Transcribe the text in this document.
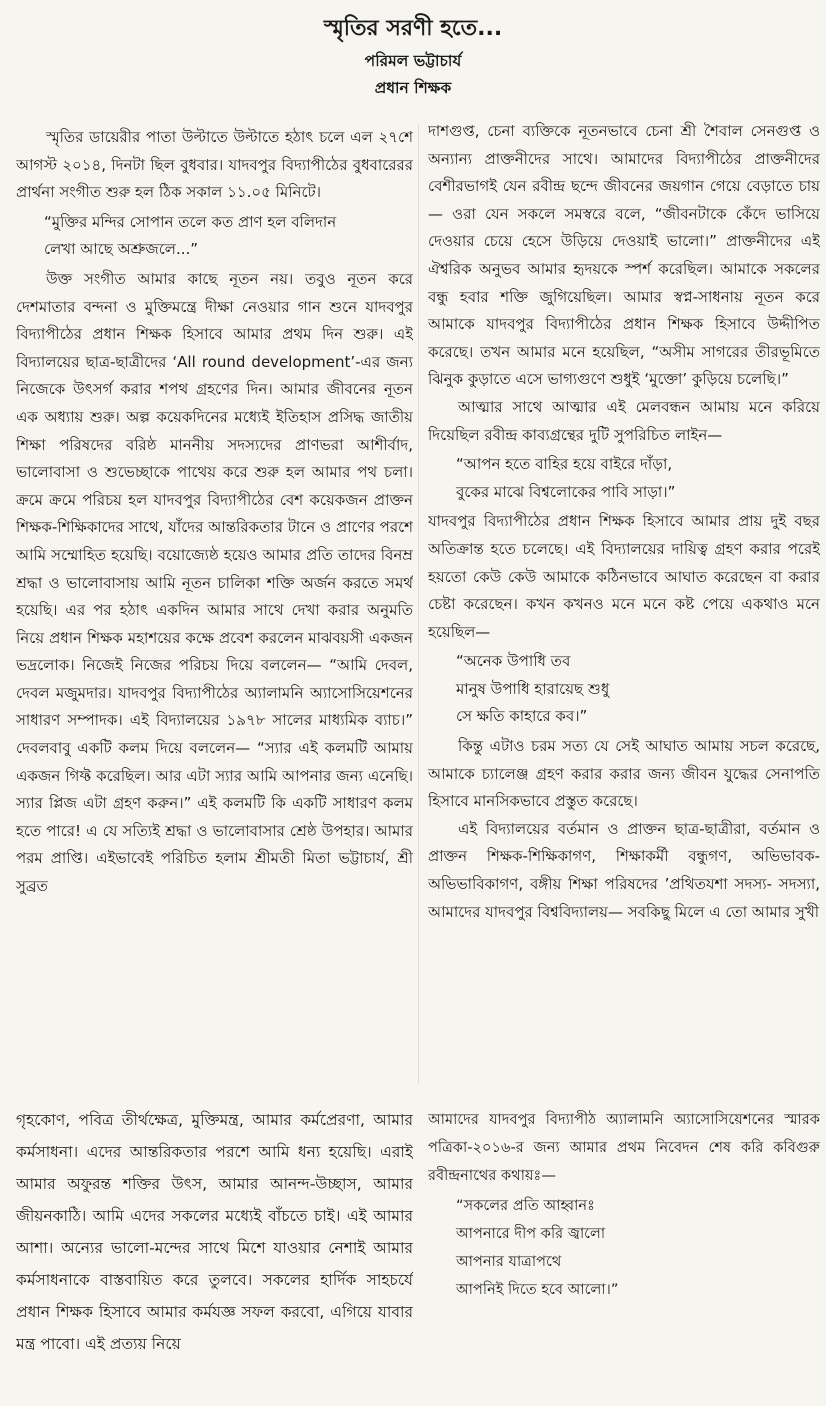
স্মৃতির সরণী হতে...
পরিমল ভট্টাচার্য
প্রধান শিক্ষক

স্মৃতির ডায়েরীর পাতা উল্টাতে উল্টাতে হঠাৎ চলে এল ২৭শে আগস্ট ২০১৪, দিনটা ছিল বুধবার। যাদবপুর বিদ্যাপীঠের বুধবারেরর প্রার্থনা সংগীত শুরু হল ঠিক সকাল ১১.০৫ মিনিটে।

“মুক্তির মন্দির সোপান তলে কত প্রাণ হল বলিদান
লেখা আছে অশ্রুজলে...”

উক্ত সংগীত আমার কাছে নূতন নয়। তবুও নূতন করে দেশমাতার বন্দনা ও মুক্তিমন্ত্রে দীক্ষা নেওয়ার গান শুনে যাদবপুর বিদ্যাপীঠের প্রধান শিক্ষক হিসাবে আমার প্রথম দিন শুরু। এই বিদ্যালয়ের ছাত্র-ছাত্রীদের ‘All round development’-এর জন্য নিজেকে উৎসর্গ করার শপথ গ্রহণের দিন। আমার জীবনের নূতন এক অধ্যায় শুরু। অল্প কয়েকদিনের মধ্যেই ইতিহাস প্রসিদ্ধ জাতীয় শিক্ষা পরিষদের বরিষ্ঠ মাননীয় সদস্যদের প্রাণভরা আশীর্বাদ, ভালোবাসা ও শুভেচ্ছাকে পাথেয় করে শুরু হল আমার পথ চলা। ক্রমে ক্রমে পরিচয় হল যাদবপুর বিদ্যাপীঠের বেশ কয়েকজন প্রাক্তন শিক্ষক-শিক্ষিকাদের সাথে, যাঁদের আন্তরিকতার টানে ও প্রাণের পরশে আমি সম্মোহিত হয়েছি। বয়োজ্যেষ্ঠ হয়েও আমার প্রতি তাদের বিনম্র শ্রদ্ধা ও ভালোবাসায় আমি নূতন চালিকা শক্তি অর্জন করতে সমর্থ হয়েছি। এর পর হঠাৎ একদিন আমার সাথে দেখা করার অনুমতি নিয়ে প্রধান শিক্ষক মহাশয়ের কক্ষে প্রবেশ করলেন মাঝবয়সী একজন ভদ্রলোক। নিজেই নিজের পরিচয় দিয়ে বললেন— “আমি দেবল, দেবল মজুমদার। যাদবপুর বিদ্যাপীঠের অ্যালামনি অ্যাসোসিয়েশনের সাধারণ সম্পাদক। এই বিদ্যালয়ের ১৯৭৮ সালের মাধ্যমিক ব্যাচ।” দেবলবাবু একটি কলম দিয়ে বললেন— “স্যার এই কলমটি আমায় একজন গিফ্ট করেছিল। আর এটা স্যার আমি আপনার জন্য এনেছি। স্যার প্লিজ এটা গ্রহণ করুন।” এই কলমটি কি একটি সাধারণ কলম হতে পারে! এ যে সত্যিই শ্রদ্ধা ও ভালোবাসার শ্রেষ্ঠ উপহার। আমার পরম প্রাপ্তি। এইভাবেই পরিচিত হলাম শ্রীমতী মিতা ভট্টাচার্য, শ্রী সুব্রত

দাশগুপ্ত, চেনা ব্যক্তিকে নূতনভাবে চেনা শ্রী শৈবাল সেনগুপ্ত ও অন্যান্য প্রাক্তনীদের সাথে। আমাদের বিদ্যাপীঠের প্রাক্তনীদের বেশীরভাগই যেন রবীন্দ্র ছন্দে জীবনের জয়গান গেয়ে বেড়াতে চায়— ওরা যেন সকলে সমস্বরে বলে, “জীবনটাকে কেঁদে ভাসিয়ে দেওয়ার চেয়ে হেসে উড়িয়ে দেওয়াই ভালো।” প্রাক্তনীদের এই ঐশ্বরিক অনুভব আমার হৃদয়কে স্পর্শ করেছিল। আমাকে সকলের বন্ধু হবার শক্তি জুগিয়েছিল। আমার স্বপ্ন-সাধনায় নূতন করে আমাকে যাদবপুর বিদ্যাপীঠের প্রধান শিক্ষক হিসাবে উদ্দীপিত করেছে। তখন আমার মনে হয়েছিল, “অসীম সাগরের তীরভূমিতে ঝিনুক কুড়াতে এসে ভাগ্যগুণে শুধুই ‘মুক্তো’ কুড়িয়ে চলেছি।”

আত্মার সাথে আত্মার এই মেলবন্ধন আমায় মনে করিয়ে দিয়েছিল রবীন্দ্র কাব্যগ্রন্থের দুটি সুপরিচিত লাইন—

“আপন হতে বাহির হয়ে বাইরে দাঁড়া,
বুকের মাঝে বিশ্বলোকের পাবি সাড়া।”

যাদবপুর বিদ্যাপীঠের প্রধান শিক্ষক হিসাবে আমার প্রায় দুই বছর অতিক্রান্ত হতে চলেছে। এই বিদ্যালয়ের দায়িত্ব গ্রহণ করার পরেই হয়তো কেউ কেউ আমাকে কঠিনভাবে আঘাত করেছেন বা করার চেষ্টা করেছেন। কখন কখনও মনে মনে কষ্ট পেয়ে একথাও মনে হয়েছিল—

“অনেক উপাধি তব
মানুষ উপাধি হারায়েছ শুধু
সে ক্ষতি কাহারে কব।”

কিন্তু এটাও চরম সত্য যে সেই আঘাত আমায় সচল করেছে, আমাকে চ্যালেঞ্জ গ্রহণ করার করার জন্য জীবন যুদ্ধের সেনাপতি হিসাবে মানসিকভাবে প্রস্তুত করেছে।

এই বিদ্যালয়ের বর্তমান ও প্রাক্তন ছাত্র-ছাত্রীরা, বর্তমান ও প্রাক্তন শিক্ষক-শিক্ষিকাগণ, শিক্ষাকর্মী বন্ধুগণ, অভিভাবক- অভিভাবিকাগণ, বঙ্গীয় শিক্ষা পরিষদের ’প্রথিতযশা সদস্য- সদস্যা, আমাদের যাদবপুর বিশ্ববিদ্যালয়— সবকিছু মিলে এ তো আমার সুখী

গৃহকোণ, পবিত্র তীর্থক্ষেত্র, মুক্তিমন্ত্র, আমার কর্মপ্রেরণা, আমার কর্মসাধনা। এদের আন্তরিকতার পরশে আমি ধন্য হয়েছি। এরাই আমার অফুরন্ত শক্তির উৎস, আমার আনন্দ-উচ্ছাস, আমার জীয়নকাঠি। আমি এদের সকলের মধ্যেই বাঁচতে চাই। এই আমার আশা। অন্যের ভালো-মন্দের সাথে মিশে যাওয়ার নেশাই আমার কর্মসাধনাকে বাস্তবায়িত করে তুলবে। সকলের হার্দিক সাহচর্যে প্রধান শিক্ষক হিসাবে আমার কর্মযজ্ঞ সফল করবো, এগিয়ে যাবার মন্ত্র পাবো। এই প্রত্যয় নিয়ে

আমাদের যাদবপুর বিদ্যাপীঠ অ্যালামনি অ্যাসোসিয়েশনের স্মারক পত্রিকা-২০১৬-র জন্য আমার প্রথম নিবেদন শেষ করি কবিগুরু রবীন্দ্রনাথের কথায়ঃ—

“সকলের প্রতি আহ্বানঃ
আপনারে দীপ করি জ্বালো
আপনার যাত্রাপথে
আপনিই দিতে হবে আলো।”
